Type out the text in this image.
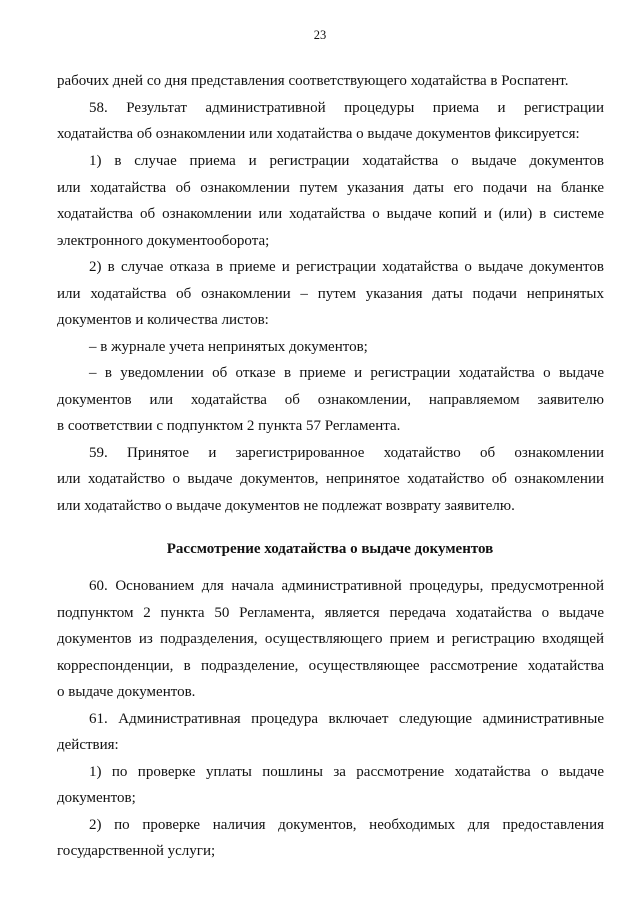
23

рабочих дней со дня представления соответствующего ходатайства в Роспатент.

58. Результат административной процедуры приема и регистрации

ходатайства об ознакомлении или ходатайства о выдаче документов фиксируется:

1) в случае приема и регистрации ходатайства о выдаче документов

или ходатайства об ознакомлении путем указания даты его подачи на бланке

ходатайства об ознакомлении или ходатайства о выдаче копий и (или) в системе

электронного документооборота;

2) в случае отказа в приеме и регистрации ходатайства о выдаче документов

или ходатайства об ознакомлении – путем указания даты подачи непринятых

документов и количества листов:

– в журнале учета непринятых документов;

– в уведомлении об отказе в приеме и регистрации ходатайства о выдаче

документов или ходатайства об ознакомлении, направляемом заявителю

в соответствии с подпунктом 2 пункта 57 Регламента.

59. Принятое и зарегистрированное ходатайство об ознакомлении

или ходатайство о выдаче документов, непринятое ходатайство об ознакомлении

или ходатайство о выдаче документов не подлежат возврату заявителю.

Рассмотрение ходатайства о выдаче документов

60. Основанием для начала административной процедуры, предусмотренной

подпунктом 2 пункта 50 Регламента, является передача ходатайства о выдаче

документов из подразделения, осуществляющего прием и регистрацию входящей

корреспонденции, в подразделение, осуществляющее рассмотрение ходатайства

о выдаче документов.

61. Административная процедура включает следующие административные

действия:

1) по проверке уплаты пошлины за рассмотрение ходатайства о выдаче

документов;

2) по проверке наличия документов, необходимых для предоставления

государственной услуги;
